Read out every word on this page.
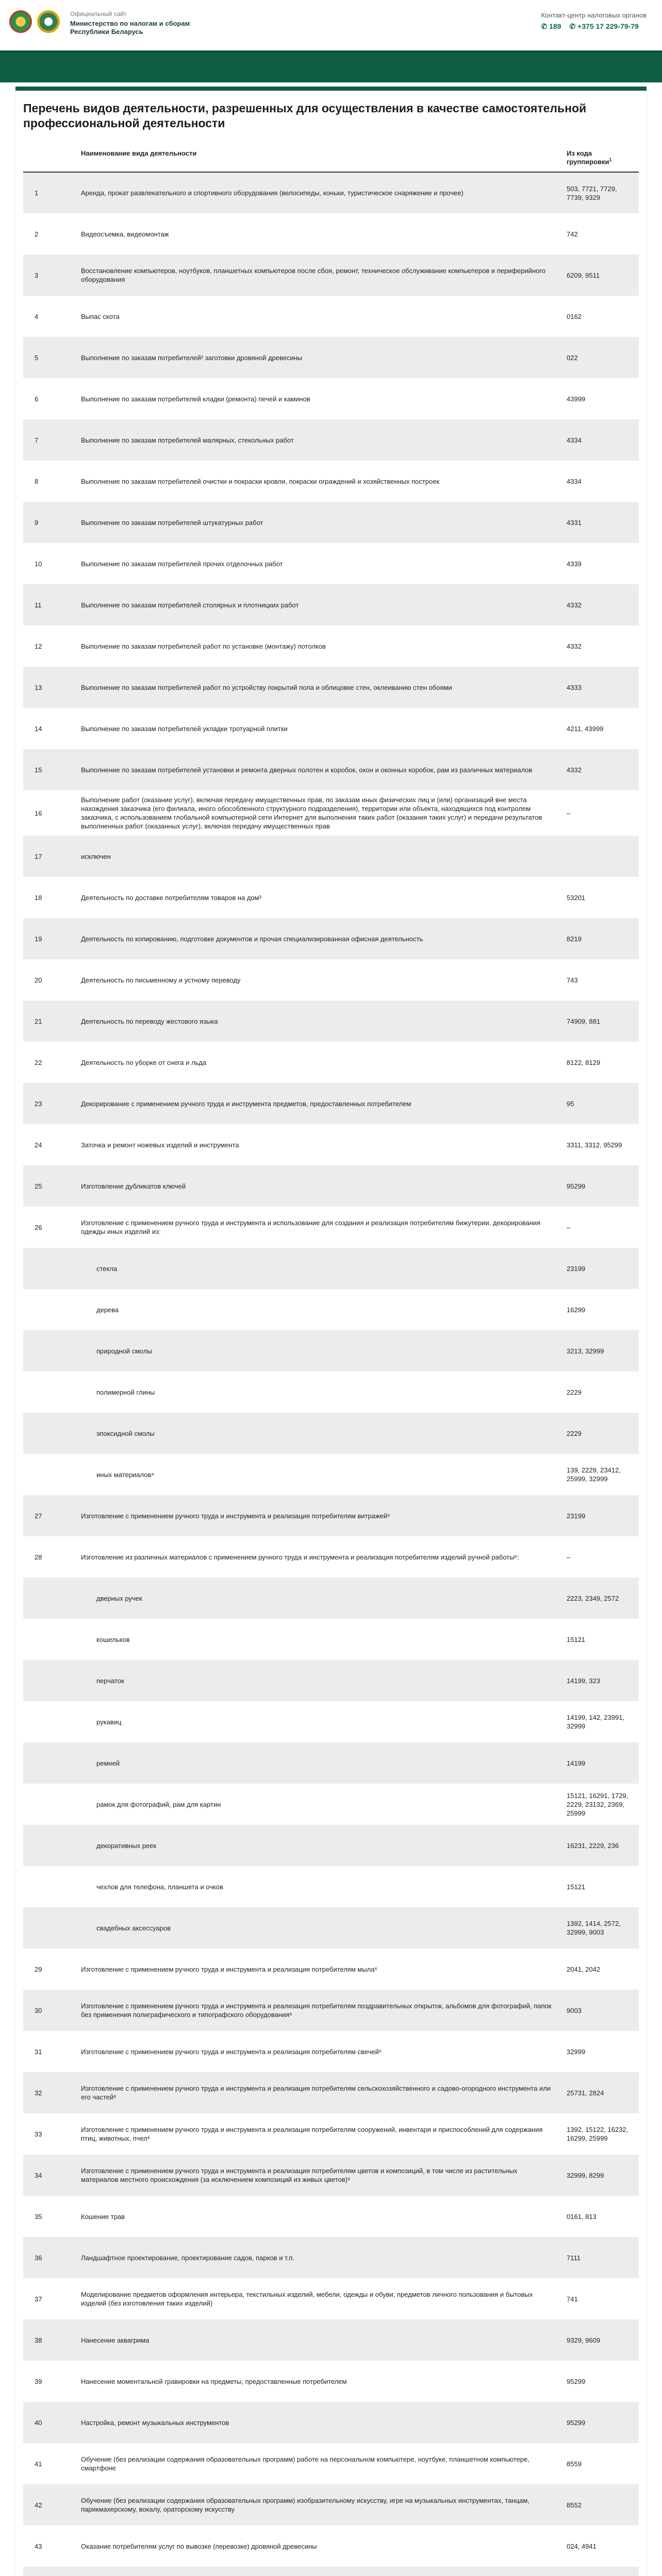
Официальный сайт
Министерство по налогам и сборам Республики Беларусь
Контакт-центр налоговых органов
✆ 189 ✆ +375 17 229-79-79
Перечень видов деятельности, разрешенных для осуществления в качестве самостоятельной профессиональной деятельности
	Наименование вида деятельности	Из кода группировки$^1$
1	Аренда, прокат развлекательного и спортивного оборудования (велосипеды, коньки, туристическое снаряжение и прочее)	503, 7721, 7729, 7739, 9329
2	Видеосъемка, видеомонтаж	742
3	Восстановление компьютеров, ноутбуков, планшетных компьютеров после сбоя, ремонт, техническое обслуживание компьютеров и периферийного оборудования	6209, 9511
4	Выпас скота	0162
5	Выполнение по заказам потребителей² заготовки дровяной древесины	022
6	Выполнение по заказам потребителей кладки (ремонта) печей и каминов	43999
7	Выполнение по заказам потребителей малярных, стекольных работ	4334
8	Выполнение по заказам потребителей очистки и покраски кровли, покраски ограждений и хозяйственных построек	4334
9	Выполнение по заказам потребителей штукатурных работ	4331
10	Выполнение по заказам потребителей прочих отделочных работ	4339
11	Выполнение по заказам потребителей столярных и плотницких работ	4332
12	Выполнение по заказам потребителей работ по установке (монтажу) потолков	4332
13	Выполнение по заказам потребителей работ по устройству покрытий пола и облицовке стен, оклеиванию стен обоями	4333
14	Выполнение по заказам потребителей укладки тротуарной плитки	4211, 43999
15	Выполнение по заказам потребителей установки и ремонта дверных полотен и коробок, окон и оконных коробок, рам из различных материалов	4332
16	Выполнение работ (оказание услуг), включая передачу имущественных прав, по заказам иных физических лиц и (или) организаций вне места нахождения заказчика (его филиала, иного обособленного структурного подразделения), территории или объекта, находящихся под контролем заказчика, с использованием глобальной компьютерной сети Интернет для выполнения таких работ (оказания таких услуг) и передачи результатов выполненных работ (оказанных услуг), включая передачу имущественных прав	–
17	исключен	
18	Деятельность по доставке потребителям товаров на дом³	53201
19	Деятельность по копированию, подготовке документов и прочая специализированная офисная деятельность	8219
20	Деятельность по письменному и устному переводу	743
21	Деятельность по переводу жестового языка	74909, 881
22	Деятельность по уборке от снега и льда	8122, 8129
23	Декорирование с применением ручного труда и инструмента предметов, предоставленных потребителем	95
24	Заточка и ремонт ножевых изделий и инструмента	3311, 3312, 95299
25	Изготовление дубликатов ключей	95299
26	Изготовление с применением ручного труда и инструмента и использование для создания и реализация потребителям бижутерии, декорирования одежды иных изделий из:	–
	стекла	23199
	дерева	16299
	природной смолы	3213, 32999
	полимерной глины	2229
	эпоксидной смолы	2229
	иных материалов⁴	139, 2229, 23412, 25999, 32999
27	Изготовление с применением ручного труда и инструмента и реализация потребителям витражей⁵	23199
28	Изготовление из различных материалов с применением ручного труда и инструмента и реализация потребителям изделий ручной работы⁶:	–
	дверных ручек	2223, 2349, 2572
	кошельков	15121
	перчаток	14199, 323
	рукавиц	14199, 142, 23991, 32999
	ремней	14199
	рамок для фотографий, рам для картин	15121, 16291, 1729, 2229, 23132, 2369, 25999
	декоративных реек	16231, 2229, 236
	чехлов для телефона, планшета и очков	15121
	свадебных аксессуаров	1392, 1414, 2572, 32999, 9003
29	Изготовление с применением ручного труда и инструмента и реализация потребителям мыла⁶	2041, 2042
30	Изготовление с применением ручного труда и инструмента и реализация потребителям поздравительных открыток, альбомов для фотографий, папок без применения полиграфического и типографского оборудования⁶	9003
31	Изготовление с применением ручного труда и инструмента и реализация потребителям свечей⁶	32999
32	Изготовление с применением ручного труда и инструмента и реализация потребителям сельскохозяйственного и садово-огородного инструмента или его частей⁶	25731, 2824
33	Изготовление с применением ручного труда и инструмента и реализация потребителям сооружений, инвентаря и приспособлений для содержания птиц, животных, пчел⁶	1392, 15122, 16232, 16299, 25999
34	Изготовление с применением ручного труда и инструмента и реализация потребителям цветов и композиций, в том числе из растительных материалов местного происхождения (за исключением композиций из живых цветов)⁶	32999, 8299
35	Кошение трав	0161, 813
36	Ландшафтное проектирование, проектирование садов, парков и т.п.	7111
37	Моделирование предметов оформления интерьера, текстильных изделий, мебели, одежды и обуви, предметов личного пользования и бытовых изделий (без изготовления таких изделий)	741
38	Нанесение аквагрима	9329, 9609
39	Нанесение моментальной гравировки на предметы, предоставленные потребителем	95299
40	Настройка, ремонт музыкальных инструментов	95299
41	Обучение (без реализации содержания образовательных программ) работе на персональном компьютере, ноутбуке, планшетном компьютере, смартфоне	8559
42	Обучение (без реализации содержания образовательных программ) изобразительному искусству, игре на музыкальных инструментах, танцам, парикмахерскому, вокалу, ораторскому искусству	8552
43	Оказание потребителям услуг по вывозке (перевозке) дровяной древесины	024, 4941
